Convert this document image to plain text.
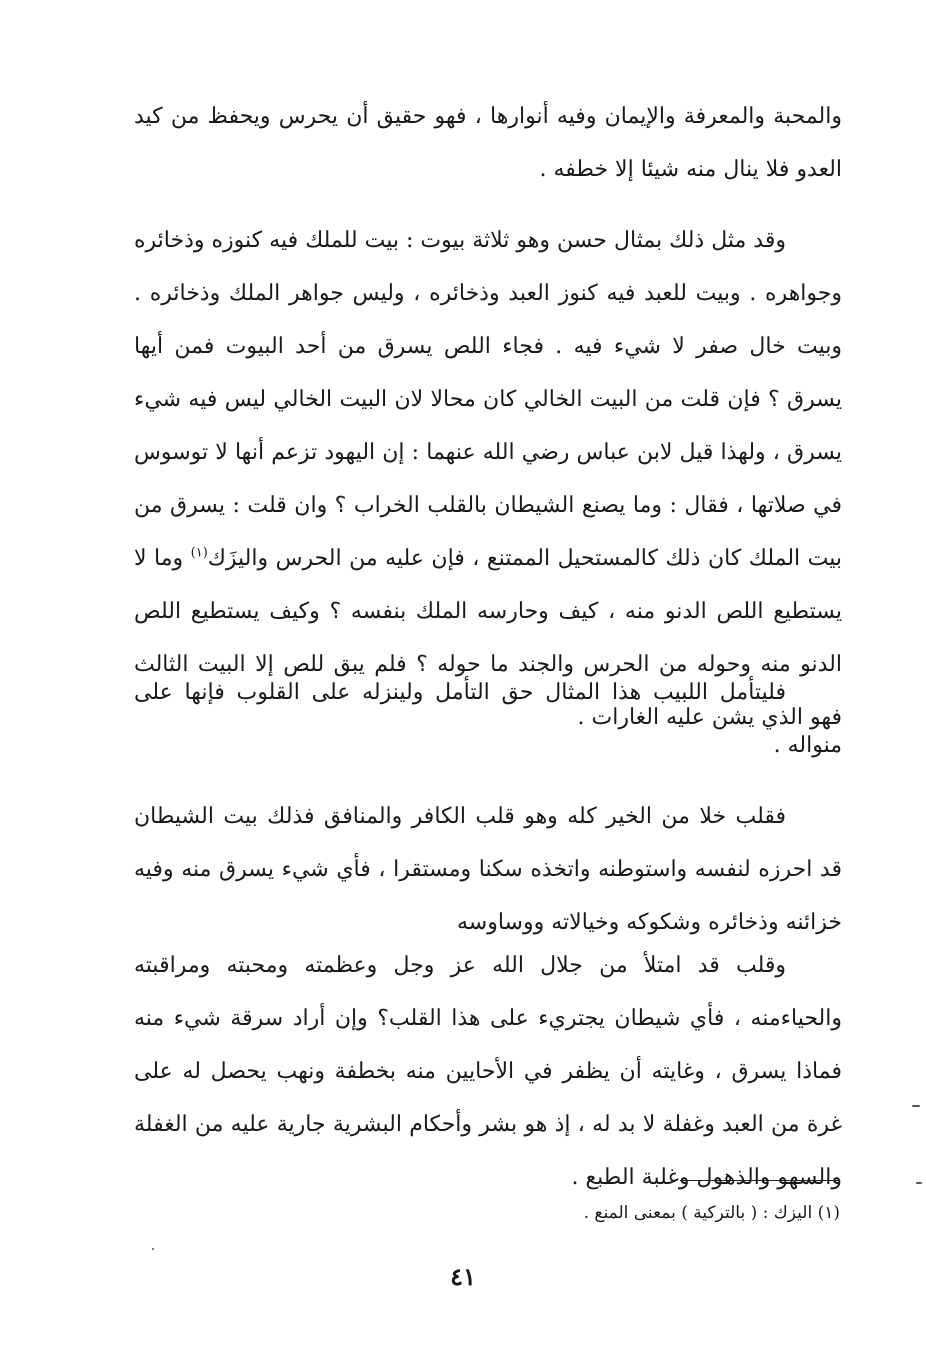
والمحبة والمعرفة والإيمان وفيه أنوارها ، فهو حقيق أن يحرس ويحفظ من كيد العدو فلا ينال منه شيئا إلا خطفه .

وقد مثل ذلك بمثال حسن وهو ثلاثة بيوت : بيت للملك فيه كنوزه وذخائره وجواهره . وبيت للعبد فيه كنوز العبد وذخائره ، وليس جواهر الملك وذخائره . وبيت خال صفر لا شيء فيه . فجاء اللص يسرق من أحد البيوت فمن أيها يسرق ؟ فإن قلت من البيت الخالي كان محالا لان البيت الخالي ليس فيه شيء يسرق ، ولهذا قيل لابن عباس رضي الله عنهما : إن اليهود تزعم أنها لا توسوس في صلاتها ، فقال : وما يصنع الشيطان بالقلب الخراب ؟ وان قلت : يسرق من بيت الملك كان ذلك كالمستحيل الممتنع ، فإن عليه من الحرس واليزَك$^{(١)}$ وما لا يستطيع اللص الدنو منه ، كيف وحارسه الملك بنفسه ؟ وكيف يستطيع اللص الدنو منه وحوله من الحرس والجند ما حوله ؟ فلم يبق للص إلا البيت الثالث فهو الذي يشن عليه الغارات .

فليتأمل اللبيب هذا المثال حق التأمل ولينزله على القلوب فإنها على منواله .

فقلب خلا من الخير كله وهو قلب الكافر والمنافق فذلك بيت الشيطان قد احرزه لنفسه واستوطنه واتخذه سكنا ومستقرا ، فأي شيء يسرق منه وفيه خزائنه وذخائره وشكوكه وخيالاته ووساوسه

وقلب قد امتلأ من جلال الله عز وجل وعظمته ومحبته ومراقبته والحياءمنه ، فأي شيطان يجتريء على هذا القلب؟ وإن أراد سرقة شيء منه فماذا يسرق ، وغايته أن يظفر في الأحايين منه بخطفة ونهب يحصل له على غرة من العبد وغفلة لا بد له ، إذ هو بشر وأحكام البشرية جارية عليه من الغفلة والسهو والذهول وغلبة الطبع .

(١) اليزك : ( بالتركية ) بمعنى المنع .
٤١
